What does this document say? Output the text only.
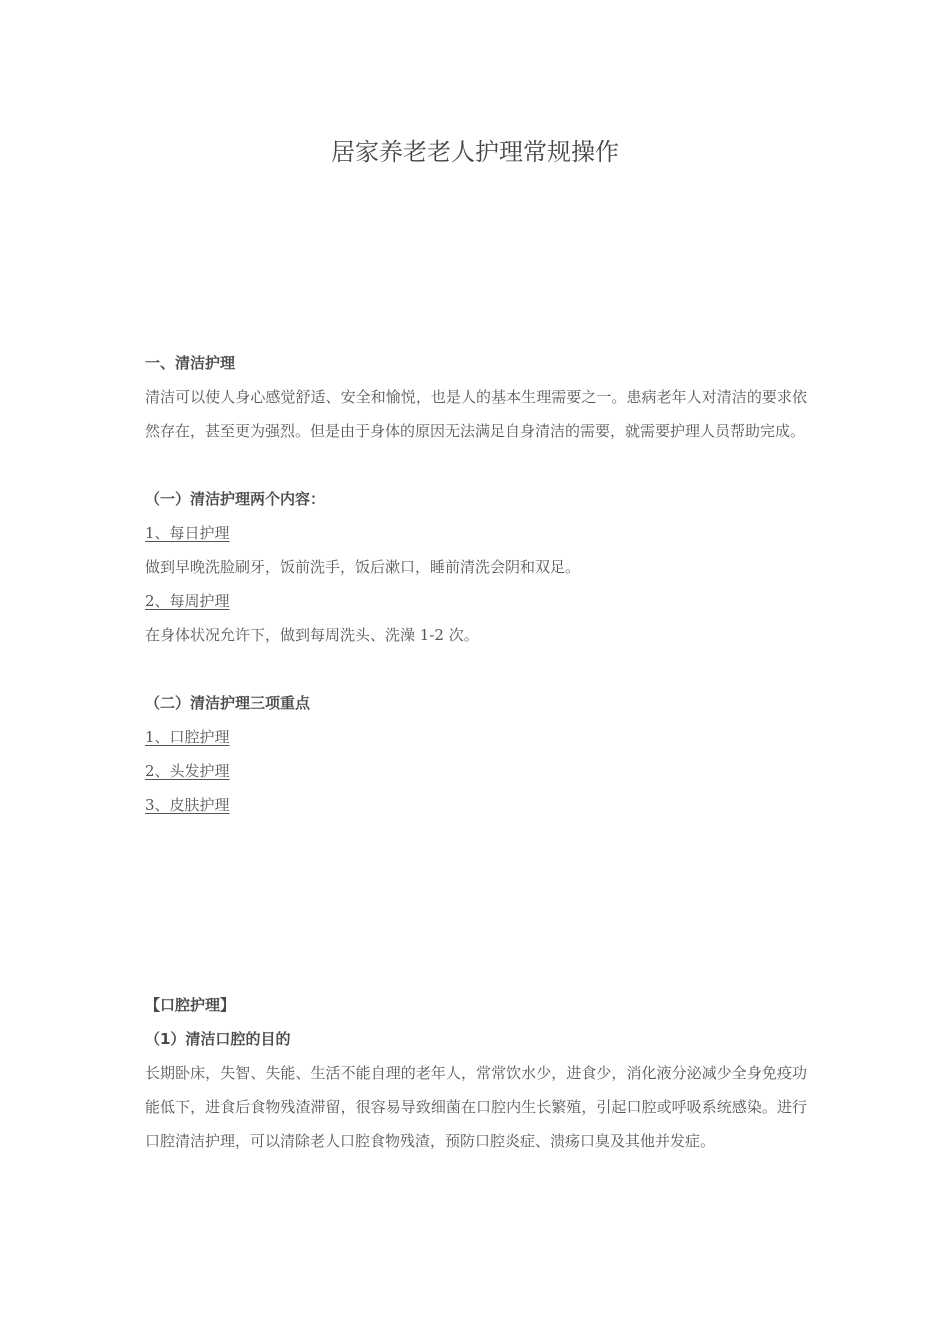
居家养老老人护理常规操作
一、清洁护理
清洁可以使人身心感觉舒适、安全和愉悦，也是人的基本生理需要之一。患病老年人对清洁的要求依然存在，甚至更为强烈。但是由于身体的原因无法满足自身清洁的需要，就需要护理人员帮助完成。
（一）清洁护理两个内容：
1、每日护理
做到早晚洗脸刷牙，饭前洗手，饭后漱口，睡前清洗会阴和双足。
2、每周护理
在身体状况允许下，做到每周洗头、洗澡 1-2 次。
（二）清洁护理三项重点
1、口腔护理
2、头发护理
3、皮肤护理
【口腔护理】
（1）清洁口腔的目的
长期卧床，失智、失能、生活不能自理的老年人，常常饮水少，进食少，消化液分泌减少全身免疫功能低下，进食后食物残渣滞留，很容易导致细菌在口腔内生长繁殖，引起口腔或呼吸系统感染。进行口腔清洁护理，可以清除老人口腔食物残渣，预防口腔炎症、溃疡口臭及其他并发症。
